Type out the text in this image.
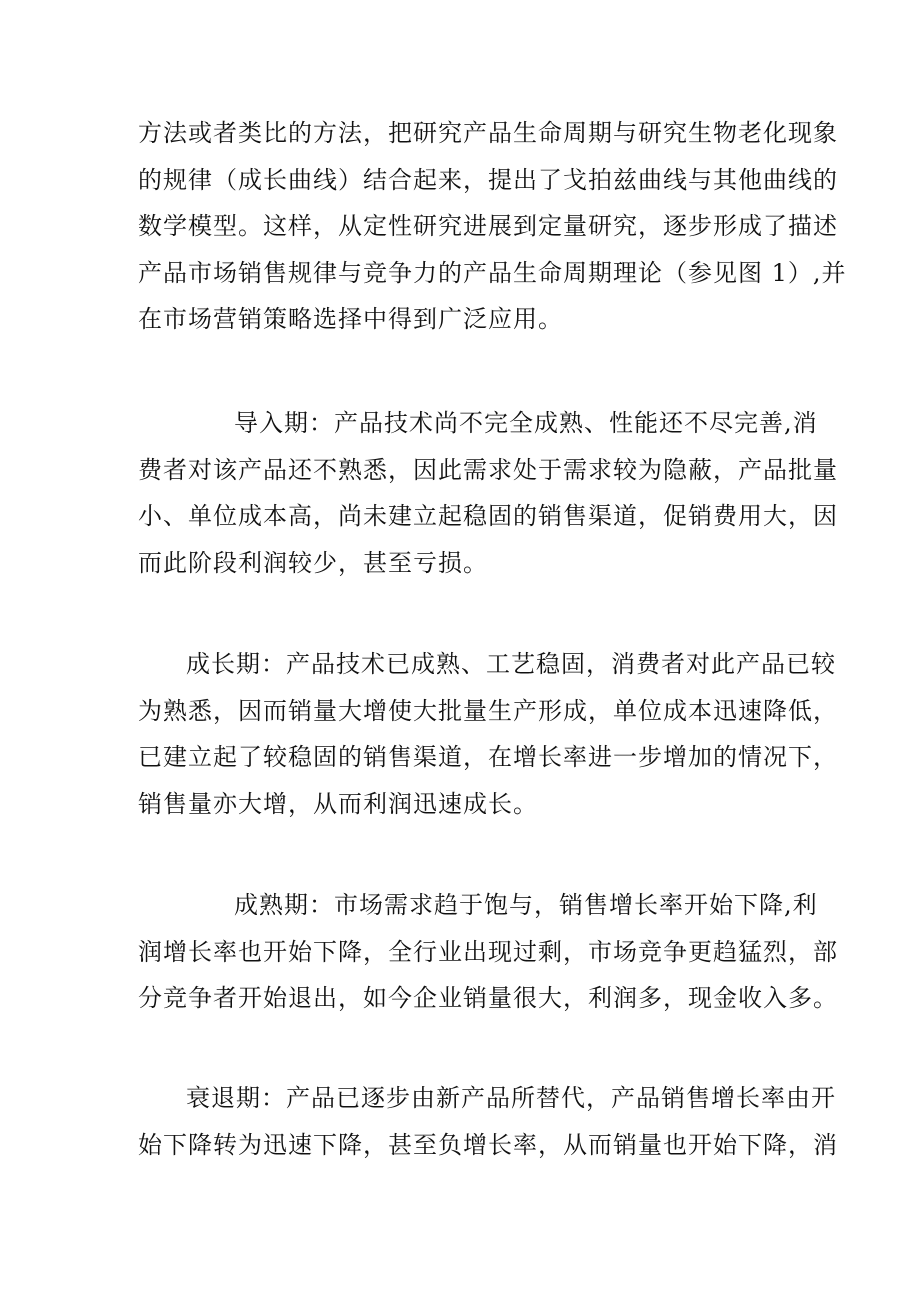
方法或者类比的方法，把研究产品生命周期与研究生物老化现象
的规律（成长曲线）结合起来，提出了戈拍兹曲线与其他曲线的
数学模型。这样，从定性研究进展到定量研究，逐步形成了描述
产品市场销售规律与竞争力的产品生命周期理论（参见图 1）,并
在市场营销策略选择中得到广泛应用。

导入期：产品技术尚不完全成熟、性能还不尽完善,消
费者对该产品还不熟悉，因此需求处于需求较为隐蔽，产品批量
小、单位成本高，尚未建立起稳固的销售渠道，促销费用大，因
而此阶段利润较少，甚至亏损。

成长期：产品技术已成熟、工艺稳固，消费者对此产品已较
为熟悉，因而销量大增使大批量生产形成，单位成本迅速降低，
已建立起了较稳固的销售渠道，在增长率进一步增加的情况下，
销售量亦大增，从而利润迅速成长。

成熟期：市场需求趋于饱与，销售增长率开始下降,利
润增长率也开始下降，全行业出现过剩，市场竞争更趋猛烈，部
分竞争者开始退出，如今企业销量很大，利润多，现金收入多。

衰退期：产品已逐步由新产品所替代，产品销售增长率由开
始下降转为迅速下降，甚至负增长率，从而销量也开始下降，消
